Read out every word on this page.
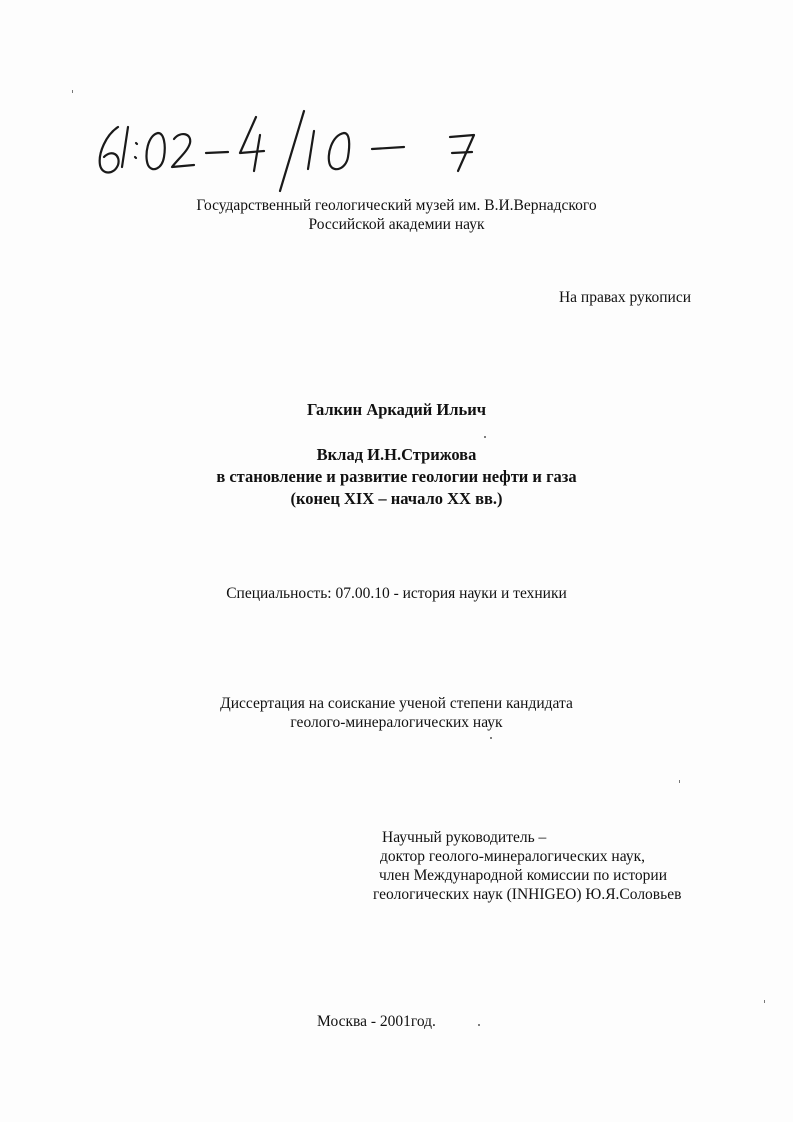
Государственный геологический музей им. В.И.Вернадского
Российской академии наук
На правах рукописи
Галкин Аркадий Ильич
Вклад И.Н.Стрижова
в становление и развитие геологии нефти и газа
(конец XIX – начало XX вв.)
Специальность: 07.00.10 - история науки и техники
Диссертация на соискание ученой степени кандидата
геолого-минералогических наук
Научный руководитель –
доктор геолого-минералогических наук,
член Международной комиссии по истории
геологических наук (INHIGEO) Ю.Я.Соловьев
Москва - 2001год.
